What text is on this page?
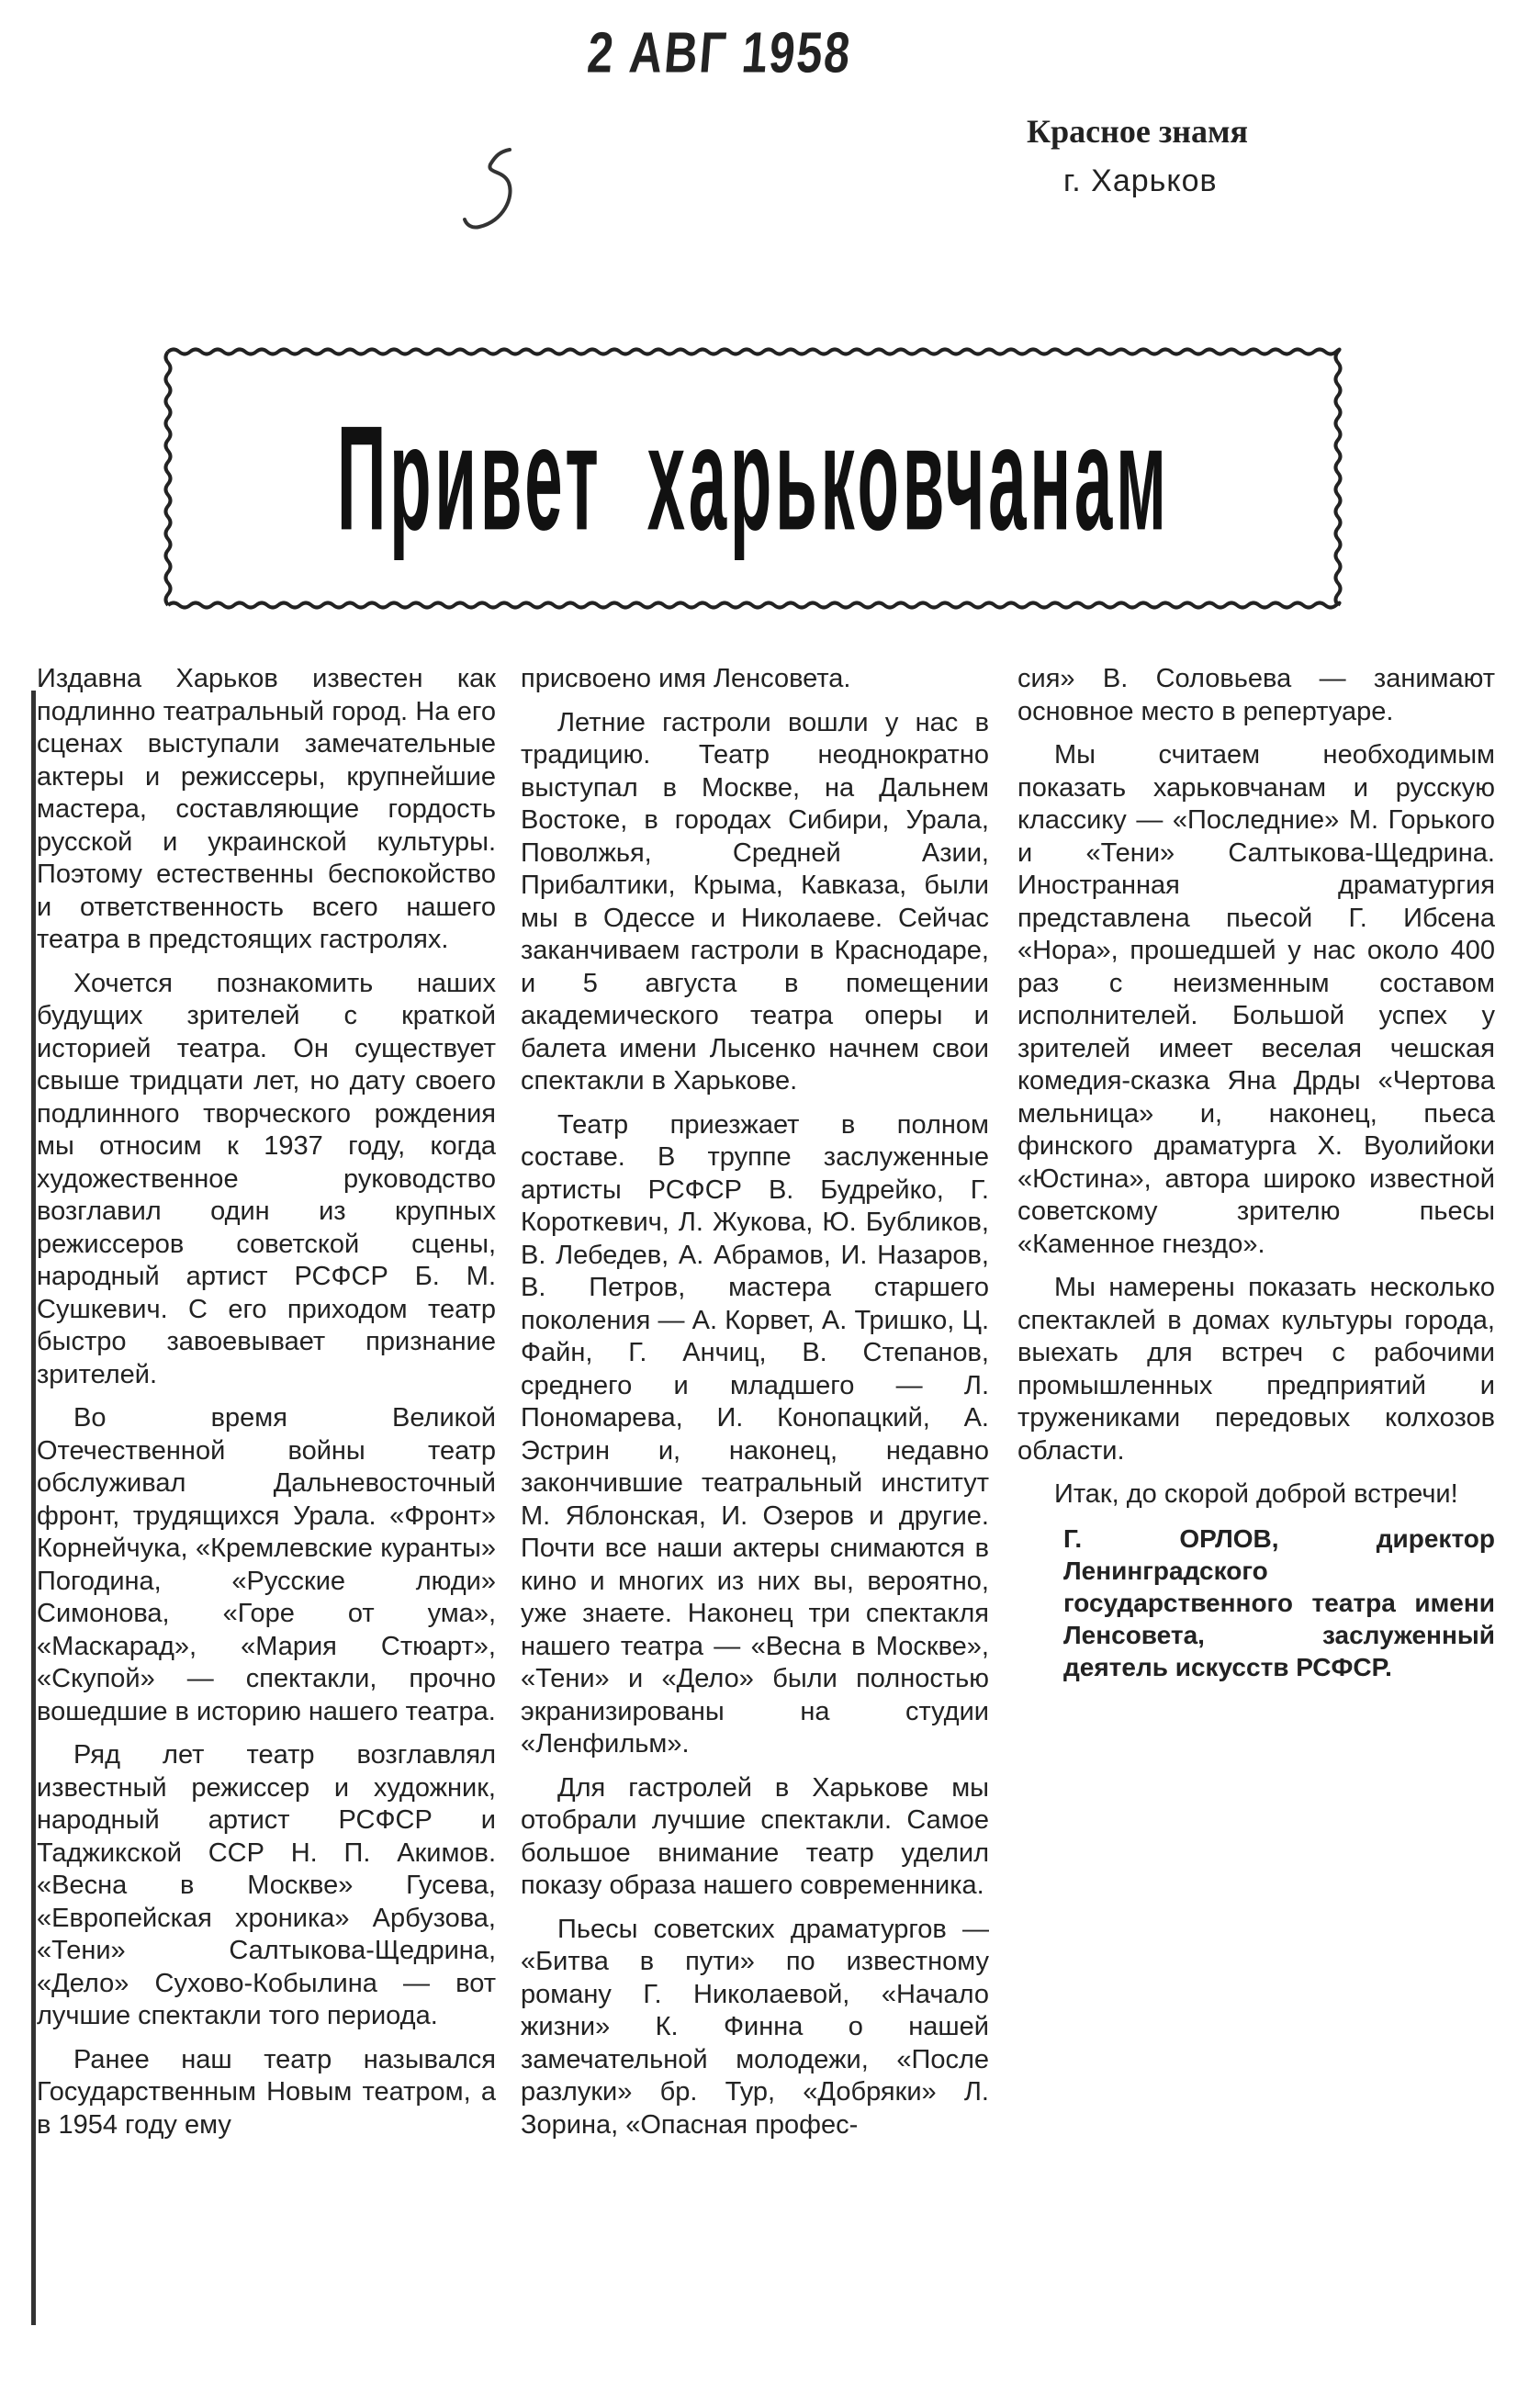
2 АВГ 1958
Красное знамя
г. Харьков
Привет харьковчанам

Издавна Харьков известен как подлинно театральный город. На его сценах выступали замечательные актеры и режиссеры, крупнейшие мастера, составляющие гордость русской и украинской культуры. Поэтому естественны беспокойство и ответственность всего нашего театра в предстоящих гастролях.

Хочется познакомить наших будущих зрителей с краткой историей театра. Он существует свыше тридцати лет, но дату своего подлинного творческого рождения мы относим к 1937 году, когда художественное руководство возглавил один из крупных режиссеров советской сцены, народный артист РСФСР Б. М. Сушкевич. С его приходом театр быстро завоевывает признание зрителей.

Во время Великой Отечественной войны театр обслуживал Дальневосточный фронт, трудящихся Урала. «Фронт» Корнейчука, «Кремлевские куранты» Погодина, «Русские люди» Симонова, «Горе от ума», «Маскарад», «Мария Стюарт», «Скупой» — спектакли, прочно вошедшие в историю нашего театра.

Ряд лет театр возглавлял известный режиссер и художник, народный артист РСФСР и Таджикской ССР Н. П. Акимов. «Весна в Москве» Гусева, «Европейская хроника» Арбузова, «Тени» Салтыкова-Щедрина, «Дело» Сухово-Кобылина — вот лучшие спектакли того периода.

Ранее наш театр назывался Государственным Новым театром, а в 1954 году ему

присвоено имя Ленсовета.

Летние гастроли вошли у нас в традицию. Театр неоднократно выступал в Москве, на Дальнем Востоке, в городах Сибири, Урала, Поволжья, Средней Азии, Прибалтики, Крыма, Кавказа, были мы в Одессе и Николаеве. Сейчас заканчиваем гастроли в Краснодаре, и 5 августа в помещении академического театра оперы и балета имени Лысенко начнем свои спектакли в Харькове.

Театр приезжает в полном составе. В труппе заслуженные артисты РСФСР В. Будрейко, Г. Короткевич, Л. Жукова, Ю. Бубликов, В. Лебедев, А. Абрамов, И. Назаров, В. Петров, мастера старшего поколения — А. Корвет, А. Тришко, Ц. Файн, Г. Анчиц, В. Степанов, среднего и младшего — Л. Пономарева, И. Конопацкий, А. Эстрин и, наконец, недавно закончившие театральный институт М. Яблонская, И. Озеров и другие. Почти все наши актеры снимаются в кино и многих из них вы, вероятно, уже знаете. Наконец три спектакля нашего театра — «Весна в Москве», «Тени» и «Дело» были полностью экранизированы на студии «Ленфильм».

Для гастролей в Харькове мы отобрали лучшие спектакли. Самое большое внимание театр уделил показу образа нашего современника.

Пьесы советских драматургов — «Битва в пути» по известному роману Г. Николаевой, «Начало жизни» К. Финна о нашей замечательной молодежи, «После разлуки» бр. Тур, «Добряки» Л. Зорина, «Опасная профес-

сия» В. Соловьева — занимают основное место в репертуаре.

Мы считаем необходимым показать харьковчанам и русскую классику — «Последние» М. Горького и «Тени» Салтыкова-Щедрина. Иностранная драматургия представлена пьесой Г. Ибсена «Нора», прошедшей у нас около 400 раз с неизменным составом исполнителей. Большой успех у зрителей имеет веселая чешская комедия-сказка Яна Дрды «Чертова мельница» и, наконец, пьеса финского драматурга Х. Вуолийоки «Юстина», автора широко известной советскому зрителю пьесы «Каменное гнездо».

Мы намерены показать несколько спектаклей в домах культуры города, выехать для встреч с рабочими промышленных предприятий и тружениками передовых колхозов области.

Итак, до скорой доброй встречи!

Г. ОРЛОВ, директор Ленинградского государственного театра имени Ленсовета, заслуженный деятель искусств РСФСР.
